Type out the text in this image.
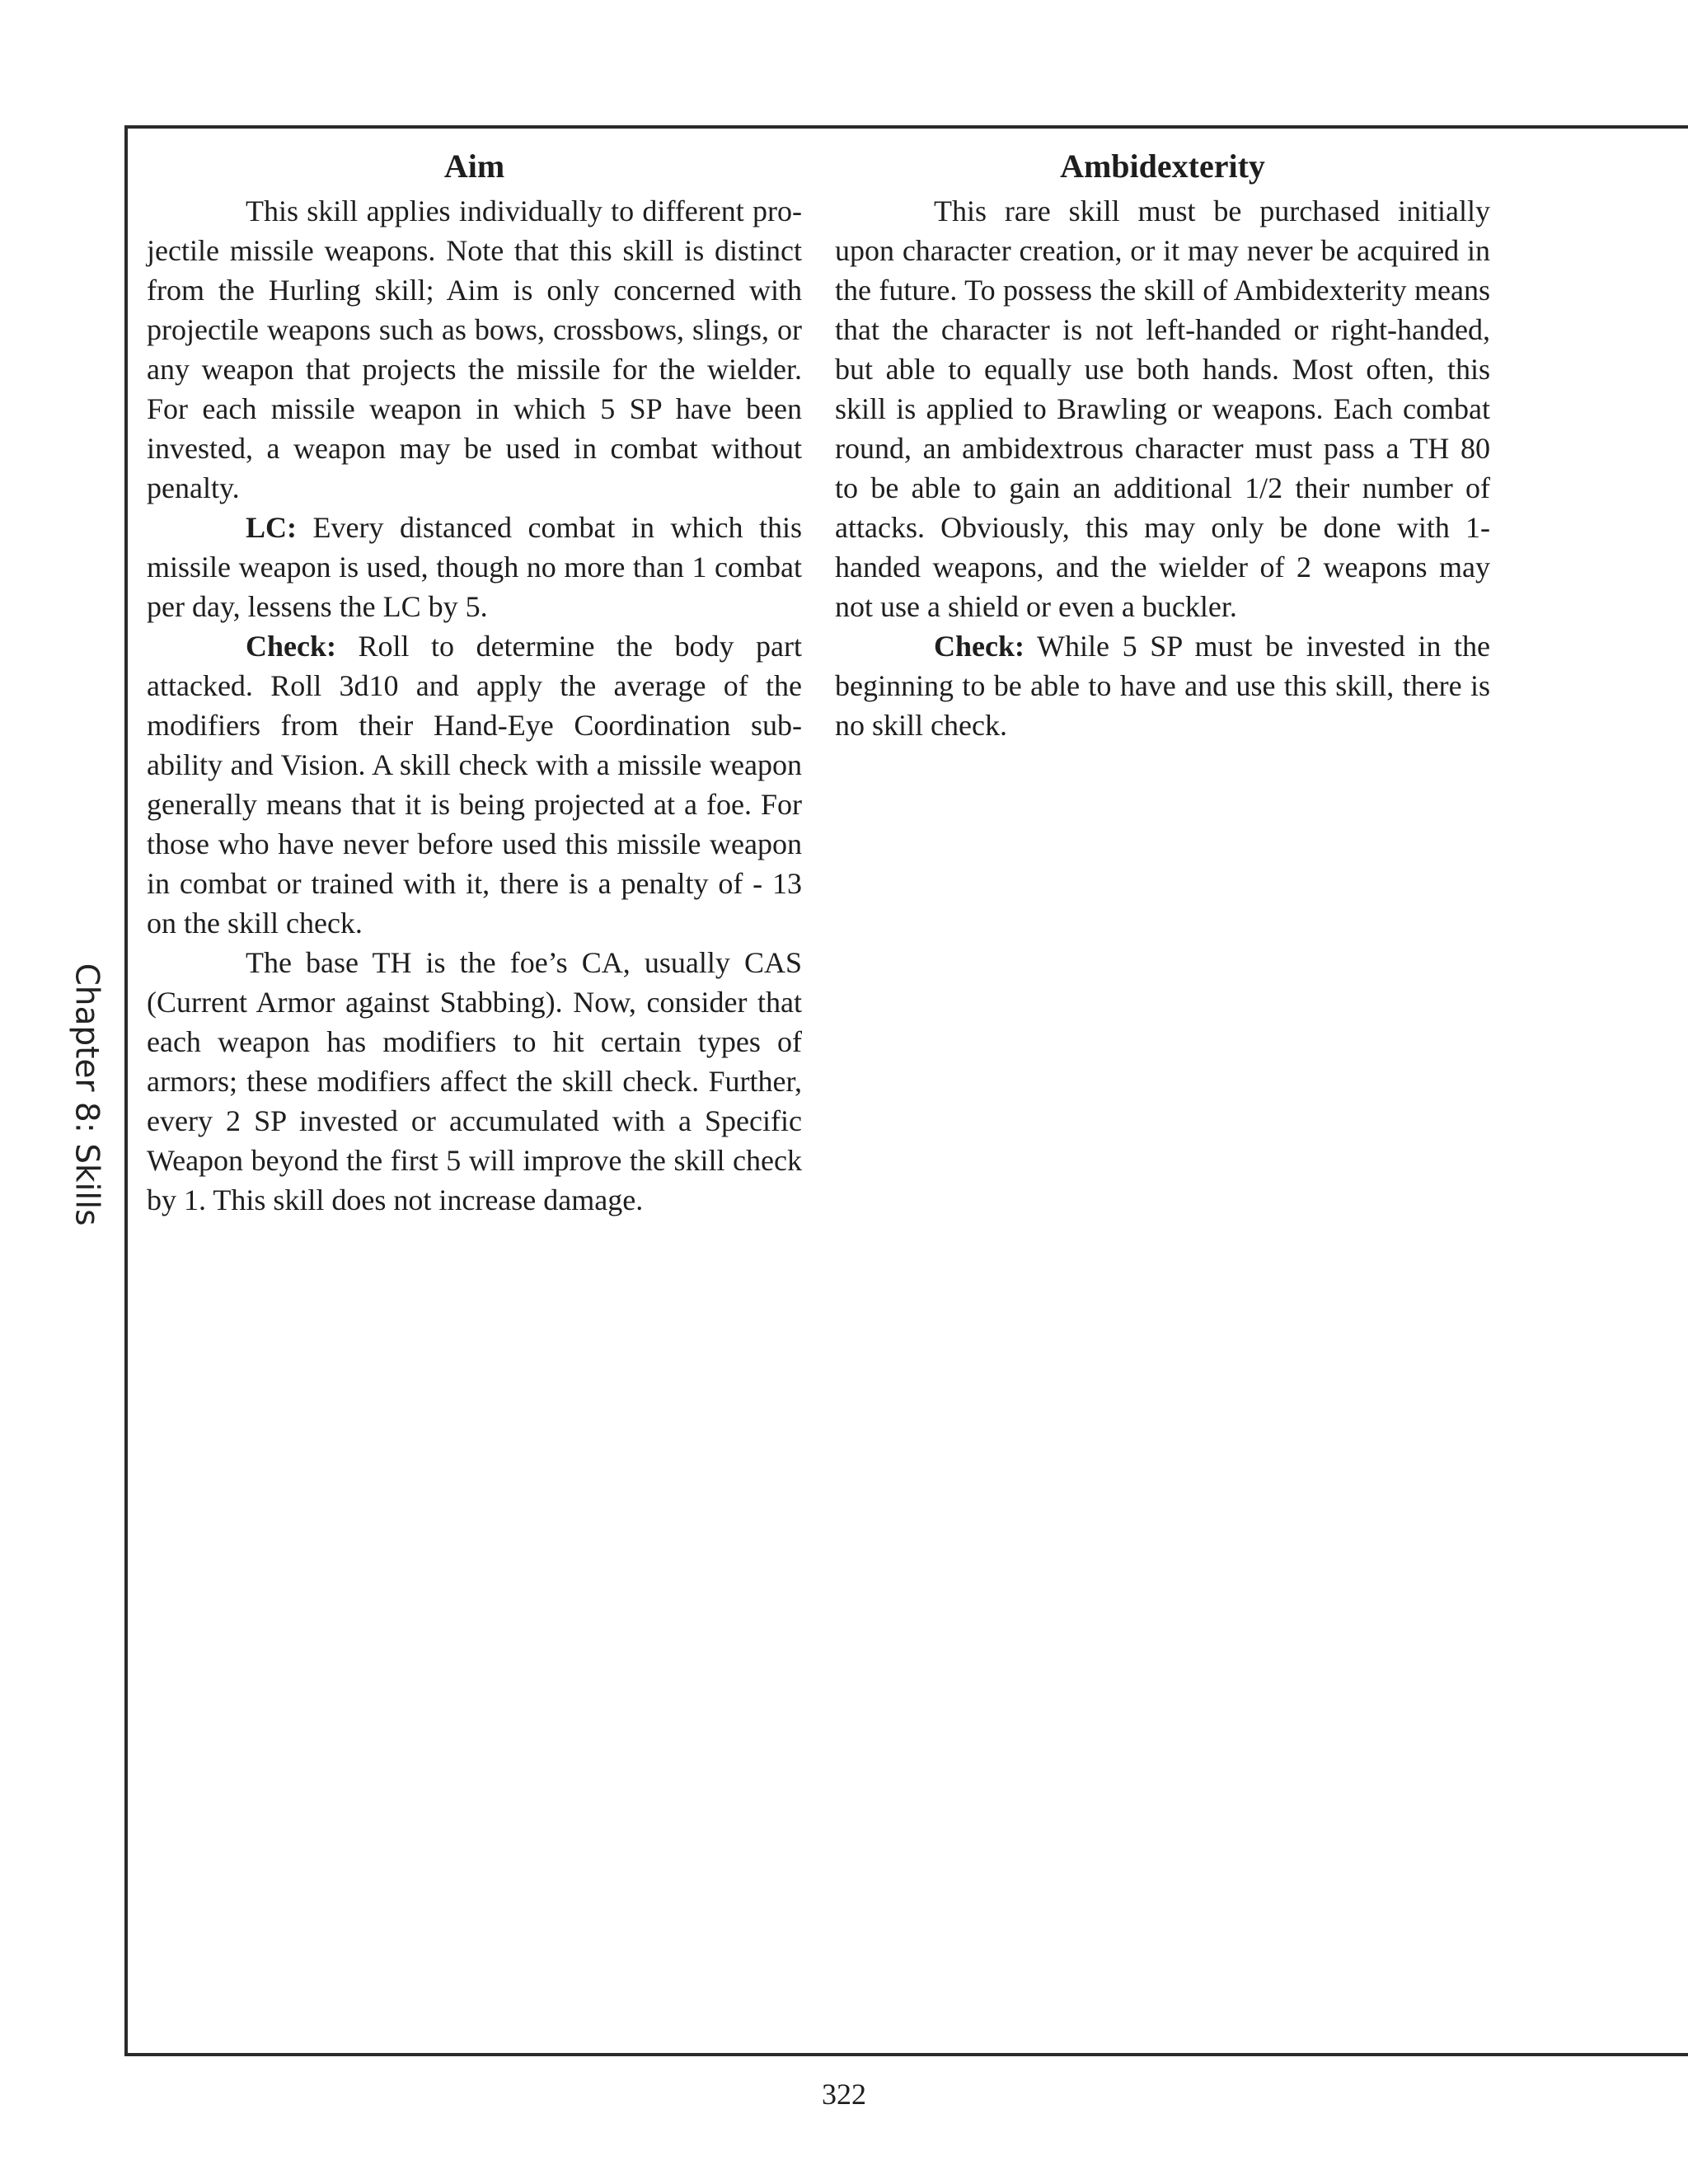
Chapter 8: Skills
Aim

This skill applies individually to different projectile missile weapons. Note that this skill is distinct from the Hurling skill; Aim is only concerned with projectile weapons such as bows, crossbows, slings, or any weapon that projects the missile for the wielder. For each missile weapon in which 5 SP have been invested, a weapon may be used in combat without penalty.

LC: Every distanced combat in which this missile weapon is used, though no more than 1 combat per day, lessens the LC by 5.

Check: Roll to determine the body part attacked. Roll 3d10 and apply the average of the modifiers from their Hand-Eye Coordination sub-ability and Vision. A skill check with a missile weapon generally means that it is being projected at a foe. For those who have never before used this missile weapon in combat or trained with it, there is a penalty of - 13 on the skill check.

The base TH is the foe’s CA, usually CAS (Current Armor against Stabbing). Now, consider that each weapon has modifiers to hit certain types of armors; these modifiers affect the skill check. Further, every 2 SP invested or accumulated with a Specific Weapon beyond the first 5 will improve the skill check by 1. This skill does not increase damage.

Ambidexterity

This rare skill must be purchased initially upon character creation, or it may never be acquired in the future. To possess the skill of Ambidexterity means that the character is not left-handed or right-handed, but able to equally use both hands. Most often, this skill is applied to Brawling or weapons. Each combat round, an ambidextrous character must pass a TH 80 to be able to gain an additional 1/2 their number of attacks. Obviously, this may only be done with 1-handed weapons, and the wielder of 2 weapons may not use a shield or even a buckler.

Check: While 5 SP must be invested in the beginning to be able to have and use this skill, there is no skill check.

322
